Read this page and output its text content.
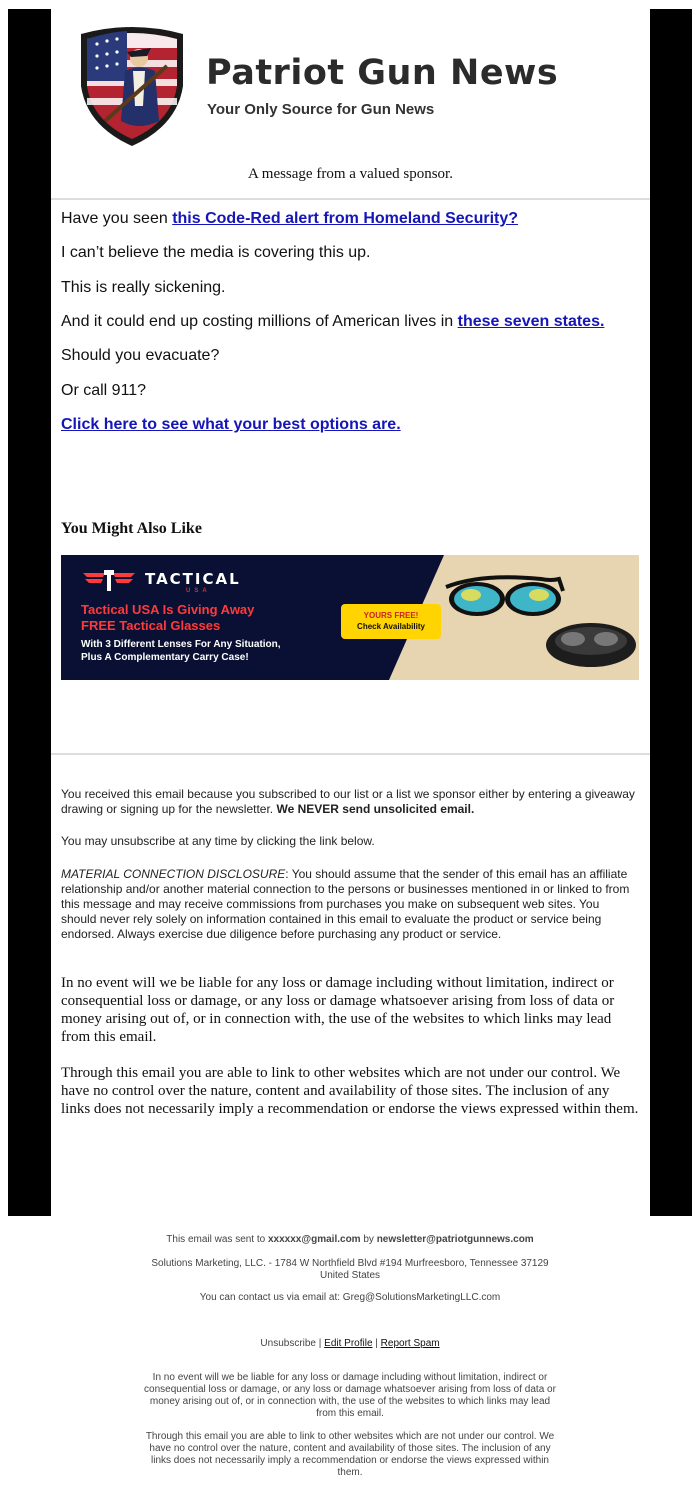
Patriot Gun News
Your Only Source for Gun News
A message from a valued sponsor.
Have you seen this Code-Red alert from Homeland Security?
I can’t believe the media is covering this up.
This is really sickening.
And it could end up costing millions of American lives in these seven states.
Should you evacuate?
Or call 911?
Click here to see what your best options are.
You Might Also Like
TACTICAL
USA
Tactical USA Is Giving Away
FREE Tactical Glasses
With 3 Different Lenses For Any Situation,
Plus A Complementary Carry Case!
YOURS FREE!
Check Availability
You received this email because you subscribed to our list or a list we sponsor either by entering a giveaway drawing or signing up for the newsletter. We NEVER send unsolicited email.
You may unsubscribe at any time by clicking the link below.
MATERIAL CONNECTION DISCLOSURE: You should assume that the sender of this email has an affiliate relationship and/or another material connection to the persons or businesses mentioned in or linked to from this message and may receive commissions from purchases you make on subsequent web sites. You should never rely solely on information contained in this email to evaluate the product or service being endorsed. Always exercise due diligence before purchasing any product or service.
In no event will we be liable for any loss or damage including without limitation, indirect or consequential loss or damage, or any loss or damage whatsoever arising from loss of data or money arising out of, or in connection with, the use of the websites to which links may lead from this email.
Through this email you are able to link to other websites which are not under our control. We have no control over the nature, content and availability of those sites. The inclusion of any links does not necessarily imply a recommendation or endorse the views expressed within them.
This email was sent to xxxxxx@gmail.com by newsletter@patriotgunnews.com
Solutions Marketing, LLC. - 1784 W Northfield Blvd #194 Murfreesboro, Tennessee 37129 United States
You can contact us via email at: Greg@SolutionsMarketingLLC.com
Unsubscribe | Edit Profile | Report Spam
In no event will we be liable for any loss or damage including without limitation, indirect or consequential loss or damage, or any loss or damage whatsoever arising from loss of data or money arising out of, or in connection with, the use of the websites to which links may lead from this email.
Through this email you are able to link to other websites which are not under our control. We have no control over the nature, content and availability of those sites. The inclusion of any links does not necessarily imply a recommendation or endorse the views expressed within them.
